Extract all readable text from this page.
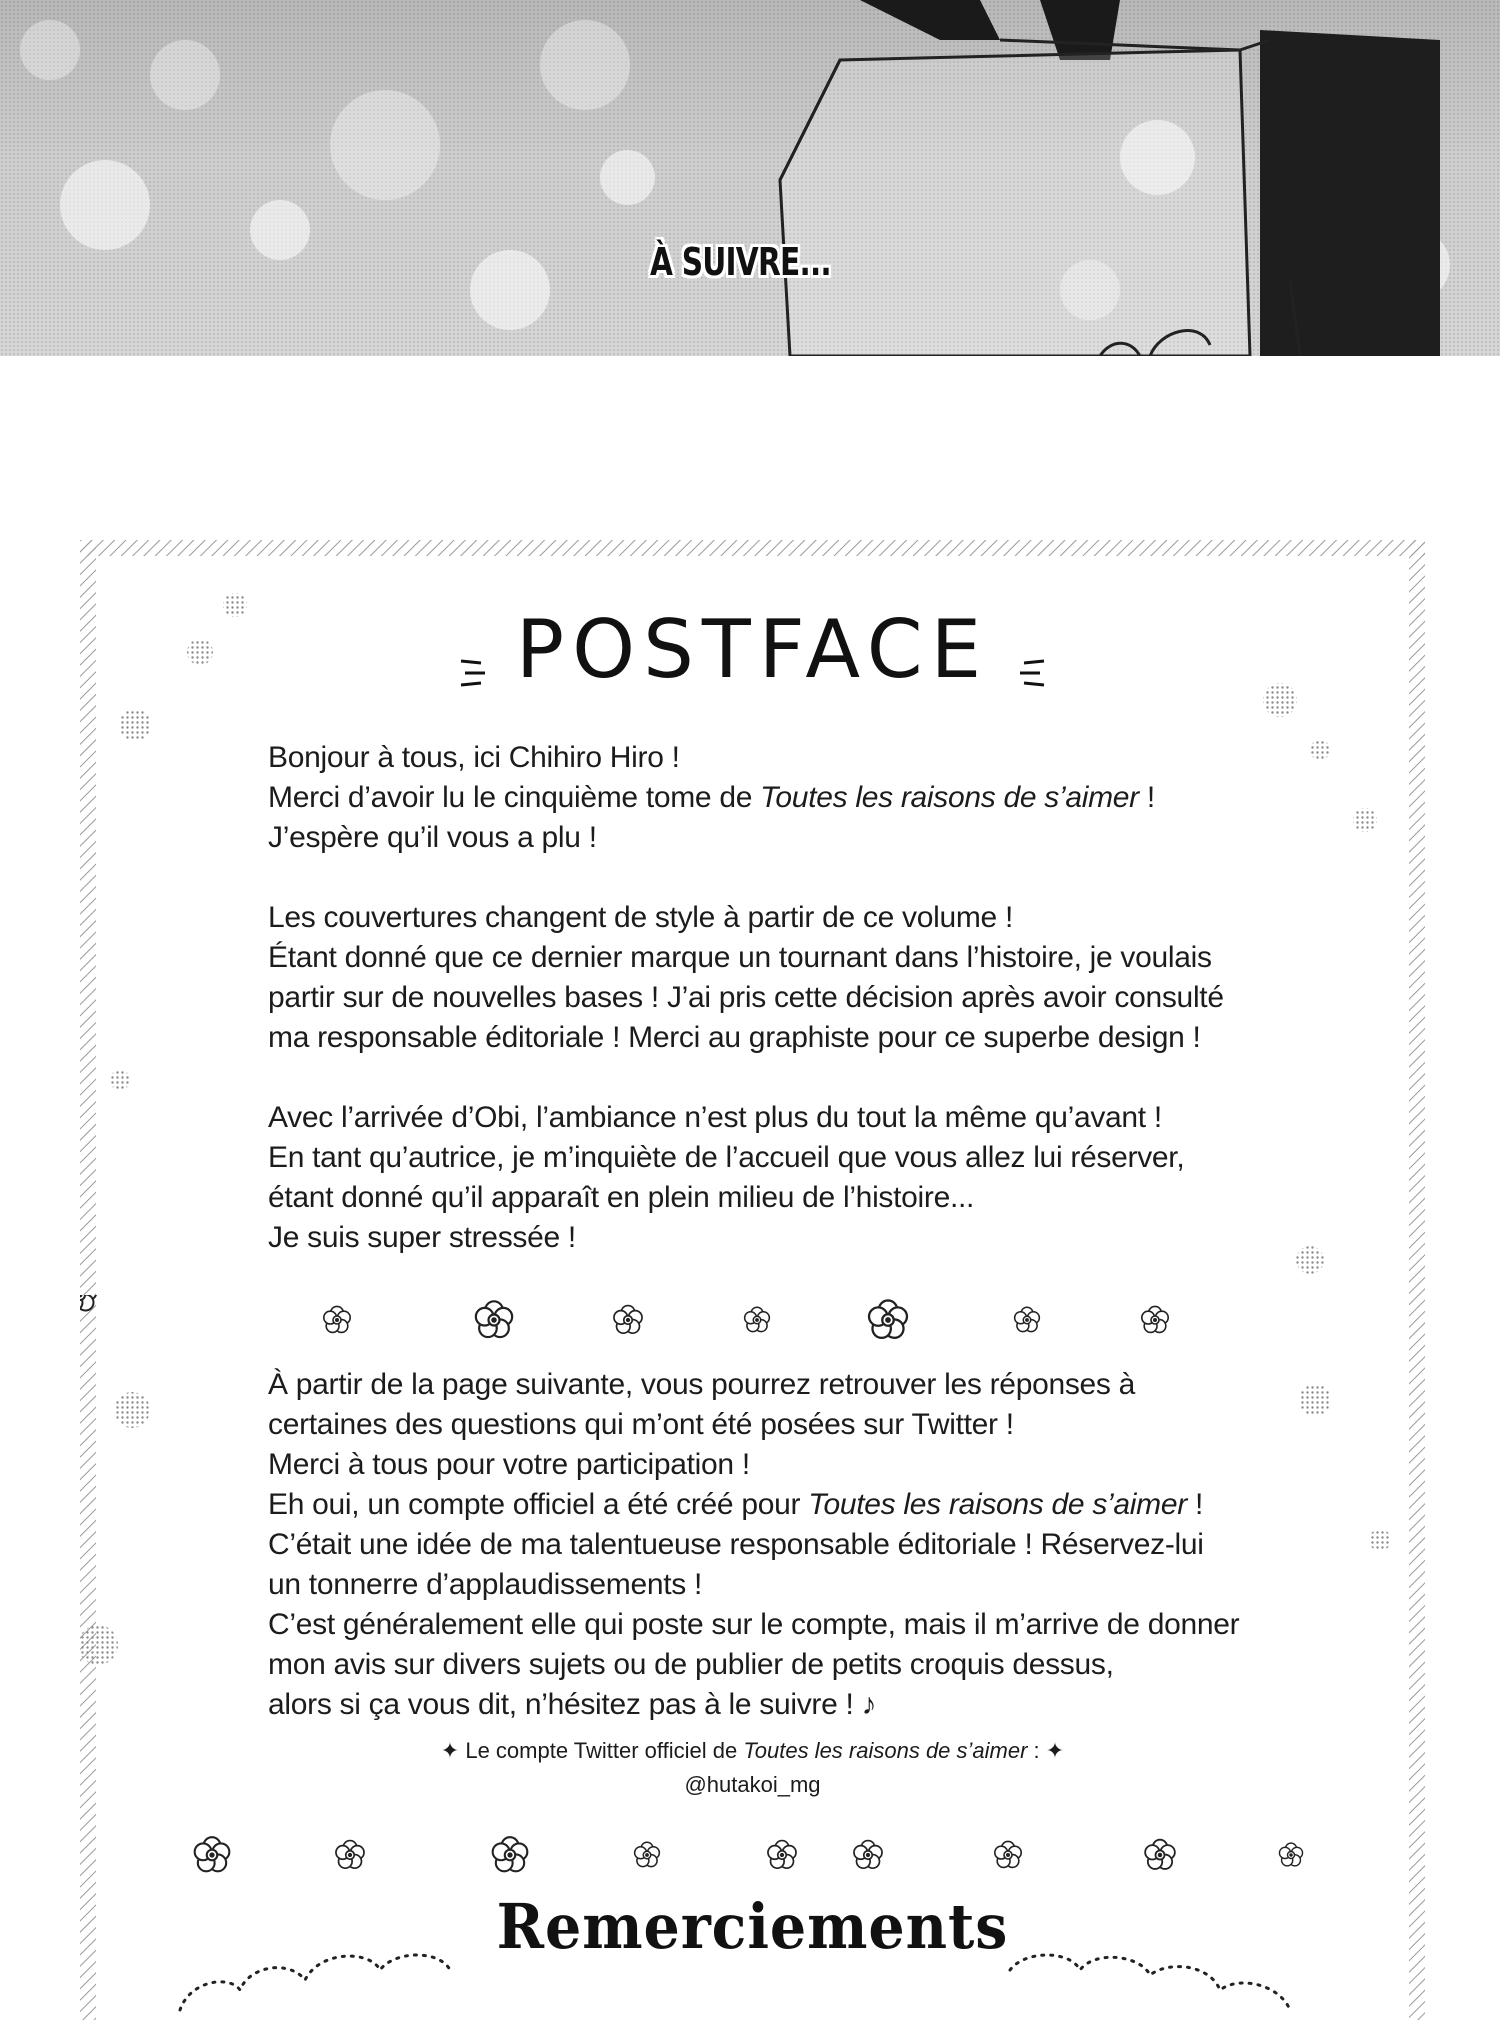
À SUIVRE...
POSTFACE

Bonjour à tous, ici Chihiro Hiro !

Merci d’avoir lu le cinquième tome de Toutes les raisons de s’aimer !

J’espère qu’il vous a plu !

Les couvertures changent de style à partir de ce volume !

Étant donné que ce dernier marque un tournant dans l’histoire, je voulais

partir sur de nouvelles bases ! J’ai pris cette décision après avoir consulté

ma responsable éditoriale ! Merci au graphiste pour ce superbe design !

Avec l’arrivée d’Obi, l’ambiance n’est plus du tout la même qu’avant !

En tant qu’autrice, je m’inquiète de l’accueil que vous allez lui réserver,

étant donné qu’il apparaît en plein milieu de l’histoire...

Je suis super stressée !

À partir de la page suivante, vous pourrez retrouver les réponses à

certaines des questions qui m’ont été posées sur Twitter !

Merci à tous pour votre participation !

Eh oui, un compte officiel a été créé pour Toutes les raisons de s’aimer !

C’était une idée de ma talentueuse responsable éditoriale ! Réservez-lui

un tonnerre d’applaudissements !

C’est généralement elle qui poste sur le compte, mais il m’arrive de donner

mon avis sur divers sujets ou de publier de petits croquis dessus,

alors si ça vous dit, n’hésitez pas à le suivre ! ♪

✦ Le compte Twitter officiel de Toutes les raisons de s’aimer : ✦
@hutakoi_mg
Remerciements
